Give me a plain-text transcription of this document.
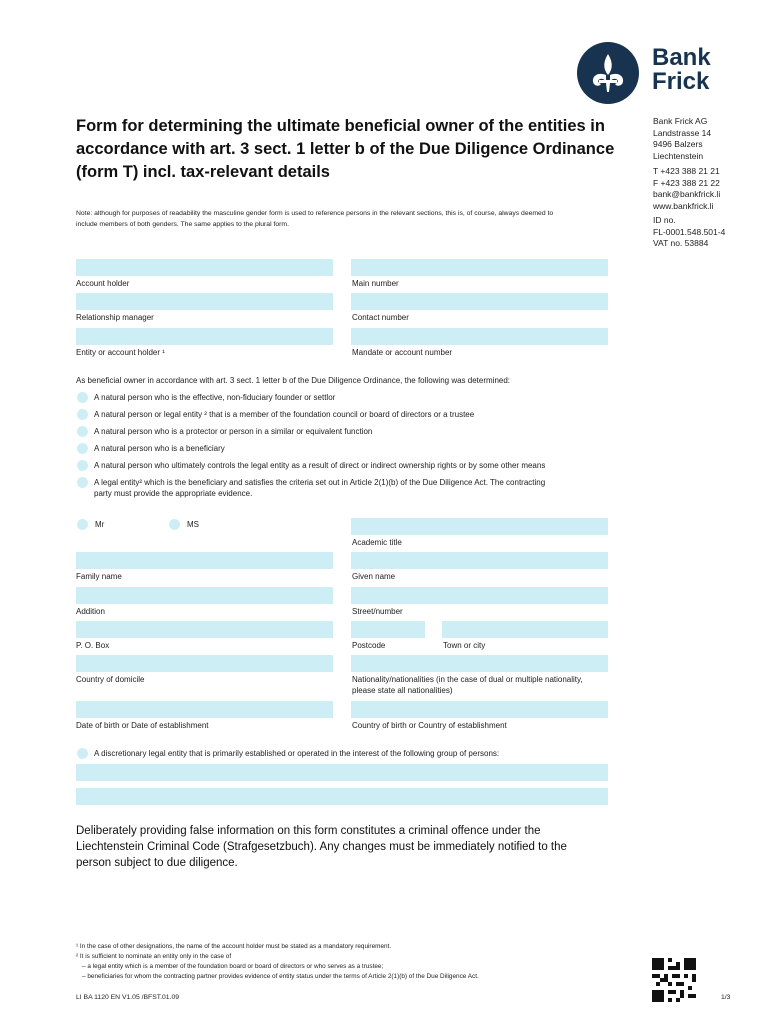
Bank
Frick
Bank Frick AG
Landstrasse 14
9496 Balzers
Liechtenstein
T +423 388 21 21
F +423 388 21 22
bank@bankfrick.li
www.bankfrick.li
ID no.
FL-0001.548.501-4
VAT no. 53884
Form for determining the ultimate beneficial owner of the entities in accordance with art. 3 sect. 1 letter b of the Due Diligence Ordinance (form T) incl. tax-relevant details
Note: although for purposes of readability the masculine gender form is used to reference persons in the relevant sections, this is, of course, always deemed to include members of both genders. The same applies to the plural form.
Account holder	Main number
Relationship manager	Contact number
Entity or account holder ¹	Mandate or account number
As beneficial owner in accordance with art. 3 sect. 1 letter b of the Due Diligence Ordinance, the following was determined:
A natural person who is the effective, non-fiduciary founder or settlor
A natural person or legal entity ² that is a member of the foundation council or board of directors or a trustee
A natural person who is a protector or person in a similar or equivalent function
A natural person who is a beneficiary
A natural person who ultimately controls the legal entity as a result of direct or indirect ownership rights or by some other means
A legal entity² which is the beneficiary and satisfies the criteria set out in Article 2(1)(b) of the Due Diligence Act. The contracting
party must provide the appropriate evidence.
Mr	MS
Academic title
Family name	Given name
Addition	Street/number
P. O. Box	Postcode	Town or city
Country of domicile	Nationality/nationalities (in the case of dual or multiple nationality,
please state all nationalities)
Date of birth or Date of establishment	Country of birth or Country of establishment
A discretionary legal entity that is primarily established or operated in the interest of the following group of persons:
Deliberately providing false information on this form constitutes a criminal offence under the Liechtenstein Criminal Code (Strafgesetzbuch). Any changes must be immediately notified to the person subject to due diligence.
¹ In the case of other designations, the name of the account holder must be stated as a mandatory requirement.
² It is sufficient to nominate an entity only in the case of
– a legal entity which is a member of the foundation board or board of directors or who serves as a trustee;
– beneficiaries for whom the contracting partner provides evidence of entity status under the terms of Article 2(1)(b) of the Due Diligence Act.
LI BA 1120 EN V1.05 /BFST.01.09	1/3
